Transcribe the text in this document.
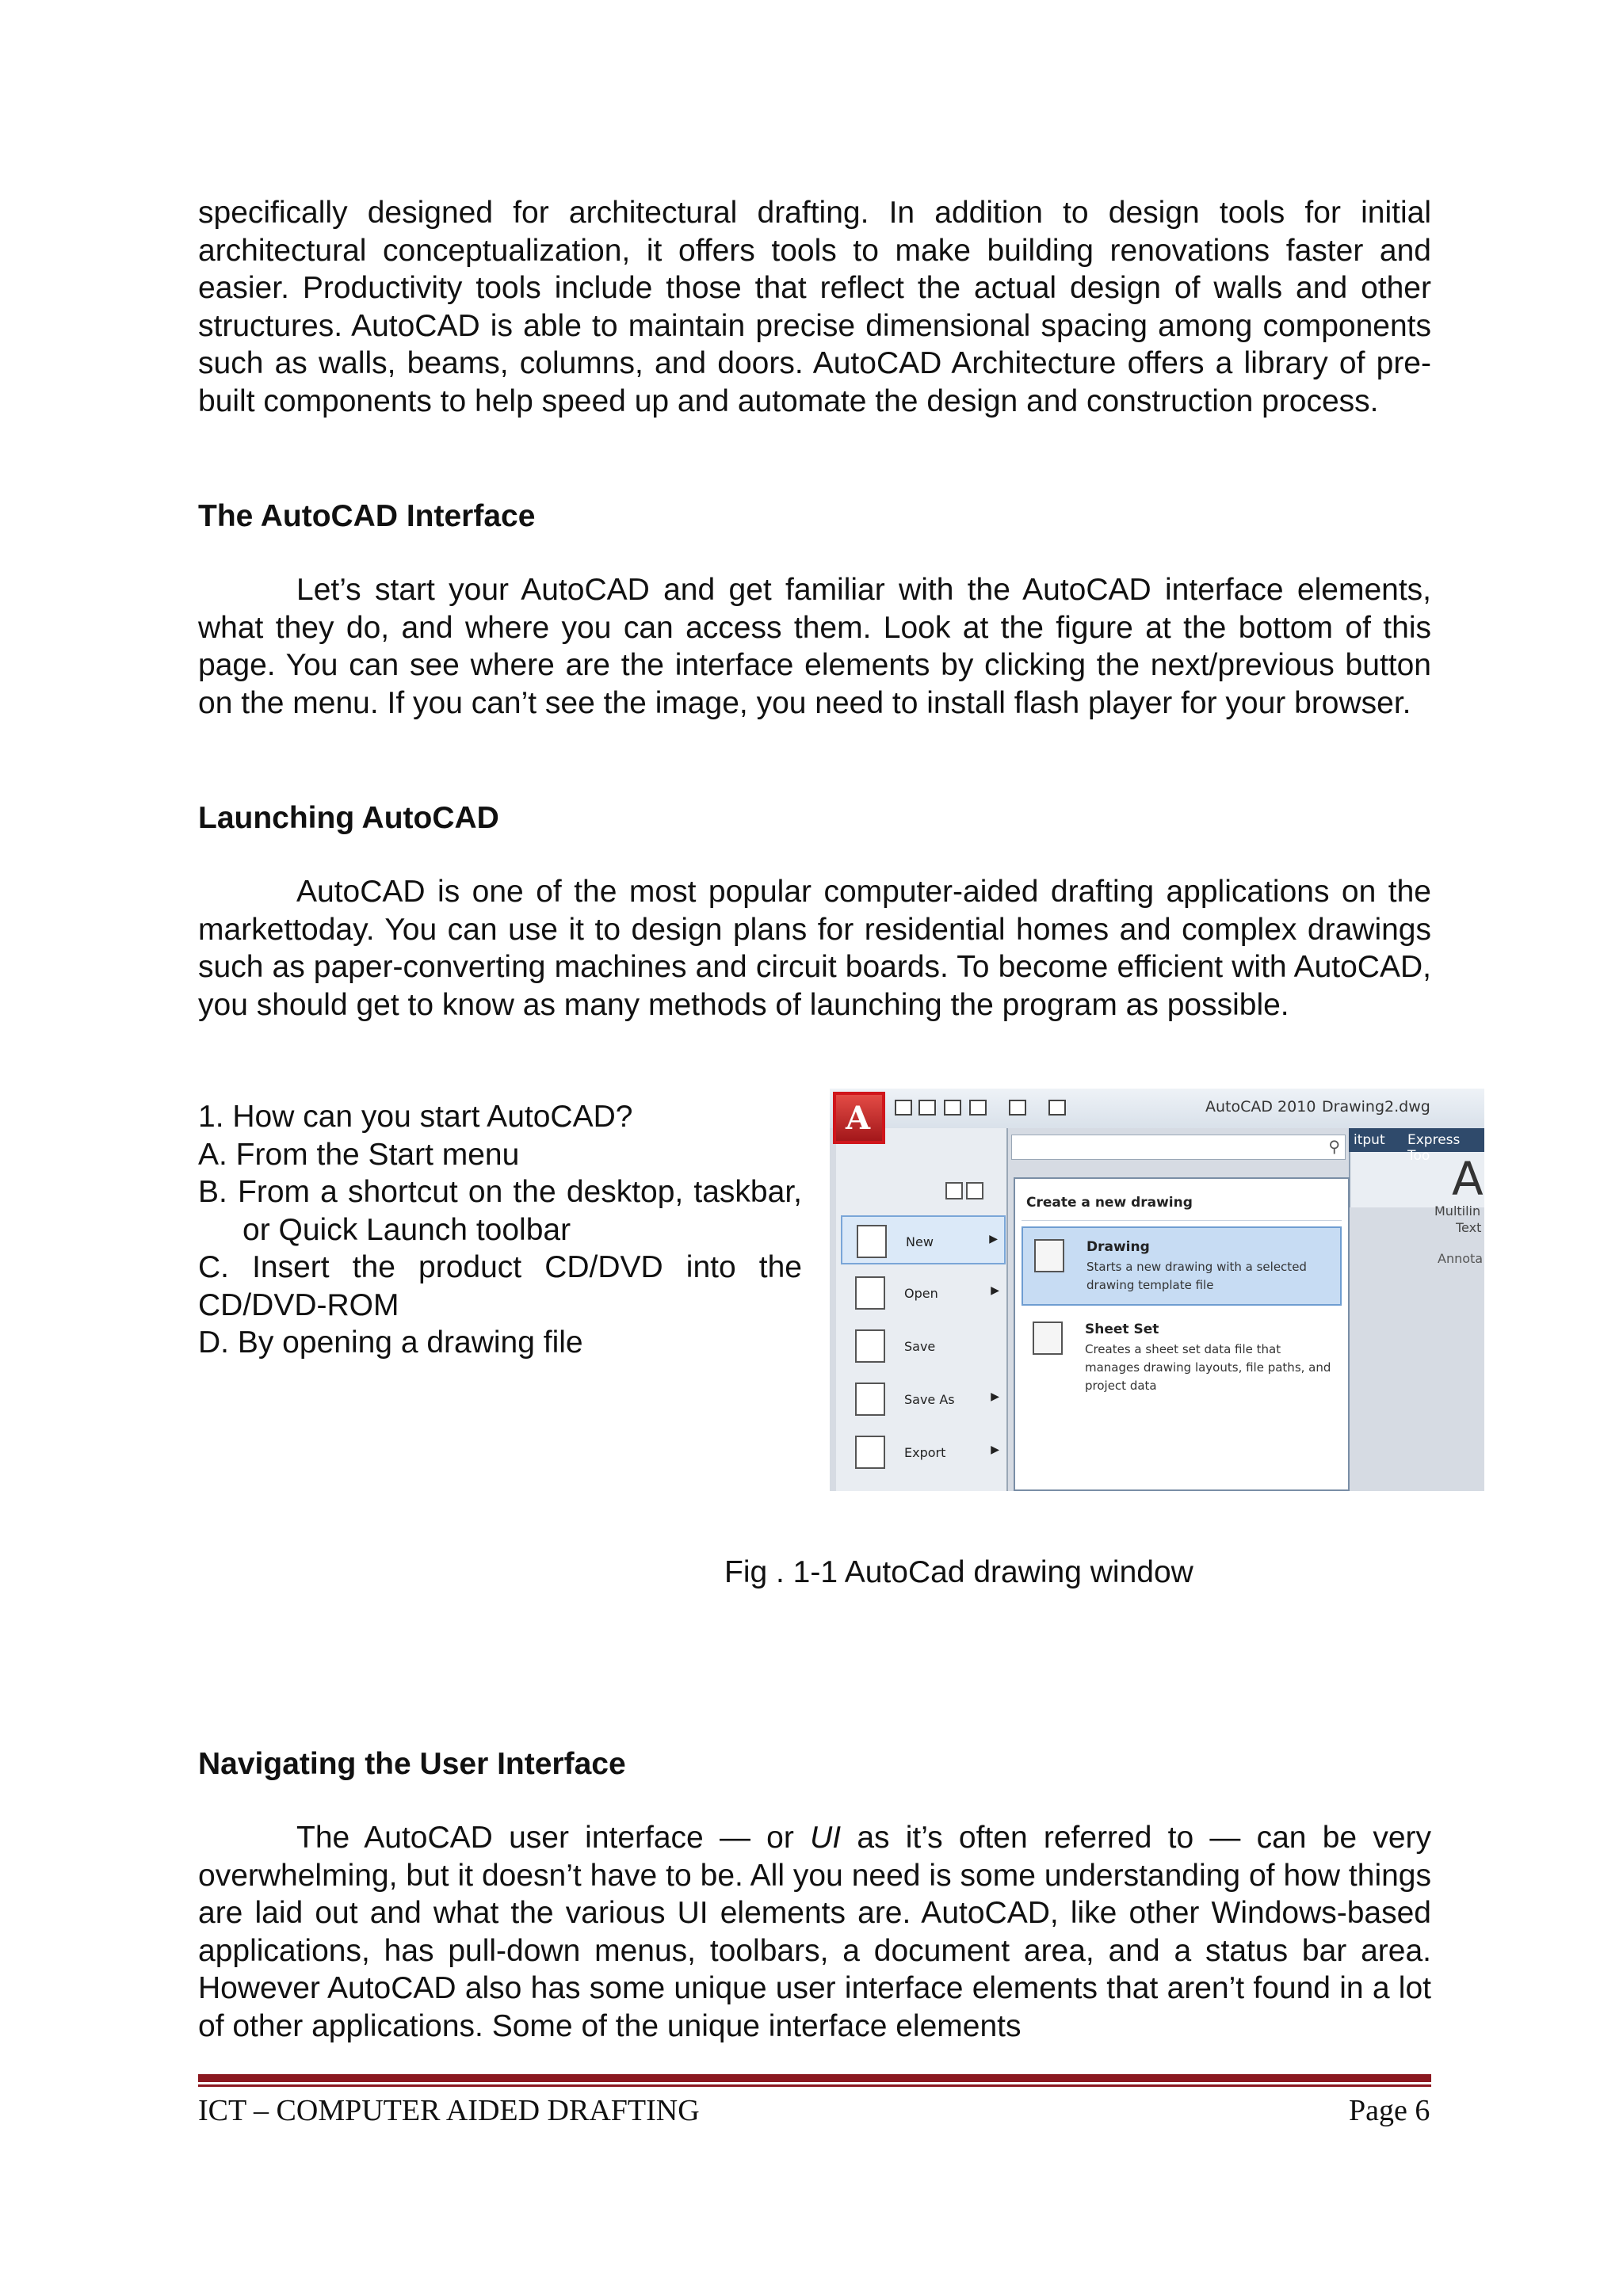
specifically designed for architectural drafting. In addition to design tools for initial architectural conceptualization, it offers tools to make building renovations faster and easier. Productivity tools include those that reflect the actual design of walls and other structures. AutoCAD is able to maintain precise dimensional spacing among components such as walls, beams, columns, and doors. AutoCAD Architecture offers a library of pre-built components to help speed up and automate the design and construction process.

The AutoCAD Interface

Let’s start your AutoCAD and get familiar with the AutoCAD interface elements, what they do, and where you can access them. Look at the figure at the bottom of this page. You can see where are the interface elements by clicking the next/previous button on the menu. If you can’t see the image, you need to install flash player for your browser.

Launching AutoCAD

AutoCAD is one of the most popular computer-aided drafting applications on the markettoday. You can use it to design plans for residential homes and complex drawings such as paper-converting machines and circuit boards. To become efficient with AutoCAD, you should get to know as many methods of launching the program as possible.

1. How can you start AutoCAD?
A. From the Start menu
B. From a shortcut on the desktop, taskbar,
or Quick Launch toolbar
C. Insert the product CD/DVD into the CD/DVD-ROM
D. By opening a drawing file
Navigating the User Interface

The AutoCAD user interface — or UI as it’s often referred to — can be very overwhelming, but it doesn’t have to be. All you need is some understanding of how things are laid out and what the various UI elements are. AutoCAD, like other Windows-based applications, has pull-down menus, toolbars, a document area, and a status bar area. However AutoCAD also has some unique user interface elements that aren’t found in a lot of other applications. Some of the unique interface elements

AutoCAD 2010 Drawing2.dwg
A
itput Express Too A
Multilin
Text
Annota
⚲
New	▶
Open	▶
Save
Save As	▶
Export	▶
Create a new drawing
Drawing
Starts a new drawing with a selected drawing template file
Sheet Set
Creates a sheet set data file that manages drawing layouts, file paths, and project data

Fig . 1-1 AutoCad drawing window

ICT – COMPUTER AIDED DRAFTING	Page 6
